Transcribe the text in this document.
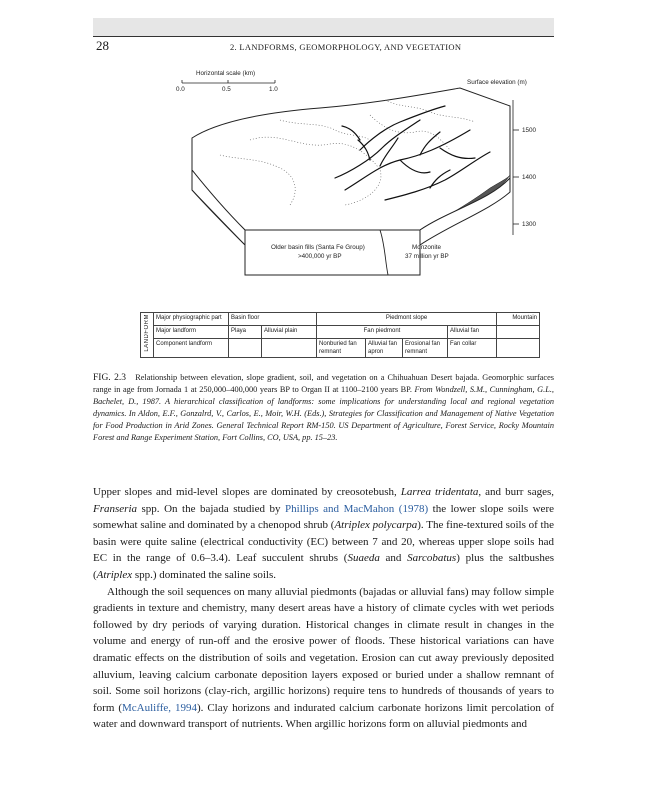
28	2. LANDFORMS, GEOMORPHOLOGY, AND VEGETATION
Horizontal scale (km)
0.0	0.5	1.0
Surface elevation (m)
1500
1400
1300
Older basin fills (Santa Fe Group)
>400,000 yr BP
Monzonite
37 million yr BP
LANDFORM	Major physiographic part	Basin floor		Piedmont slope				Mountain
	Major landform	Playa	Alluvial plain	Fan piedmont			Alluvial fan	
	Component landform			Nonburied fan remnant	Alluvial fan apron	Erosional fan remnant	Fan collar	
FIG. 2.3 Relationship between elevation, slope gradient, soil, and vegetation on a Chihuahuan Desert bajada. Geomorphic surfaces range in age from Jornada 1 at 250,000–400,000 years BP to Organ II at 1100–2100 years BP. From Wondzell, S.M., Cunningham, G.L., Bachelet, D., 1987. A hierarchical classification of landforms: some implications for understanding local and regional vegetation dynamics. In Aldon, E.F., Gonzalrd, V., Carlos, E., Moir, W.H. (Eds.), Strategies for Classification and Management of Native Vegetation for Food Production in Arid Zones. General Technical Report RM-150. US Department of Agriculture, Forest Service, Rocky Mountain Forest and Range Experiment Station, Fort Collins, CO, USA, pp. 15–23.

Upper slopes and mid-level slopes are dominated by creosotebush, Larrea tridentata, and burr sages, Franseria spp. On the bajada studied by Phillips and MacMahon (1978) the lower slope soils were somewhat saline and dominated by a chenopod shrub (Atriplex polycarpa). The fine-textured soils of the basin were quite saline (electrical conductivity (EC) between 7 and 20, whereas upper slope soils had EC in the range of 0.6–3.4). Leaf succulent shrubs (Suaeda and Sarcobatus) plus the saltbushes (Atriplex spp.) dominated the saline soils.

Although the soil sequences on many alluvial piedmonts (bajadas or alluvial fans) may follow simple gradients in texture and chemistry, many desert areas have a history of climate cycles with wet periods followed by dry periods of varying duration. Historical changes in climate result in changes in the volume and energy of run-off and the erosive power of floods. These historical variations can have dramatic effects on the distribution of soils and vegetation. Erosion can cut away previously deposited alluvium, leaving calcium carbonate deposition layers exposed or buried under a shallow remnant of soil. Some soil horizons (clay-rich, argillic horizons) require tens to hundreds of thousands of years to form (McAuliffe, 1994). Clay horizons and indurated calcium carbonate horizons limit percolation of water and downward transport of nutrients. When argillic horizons form on alluvial piedmonts and
